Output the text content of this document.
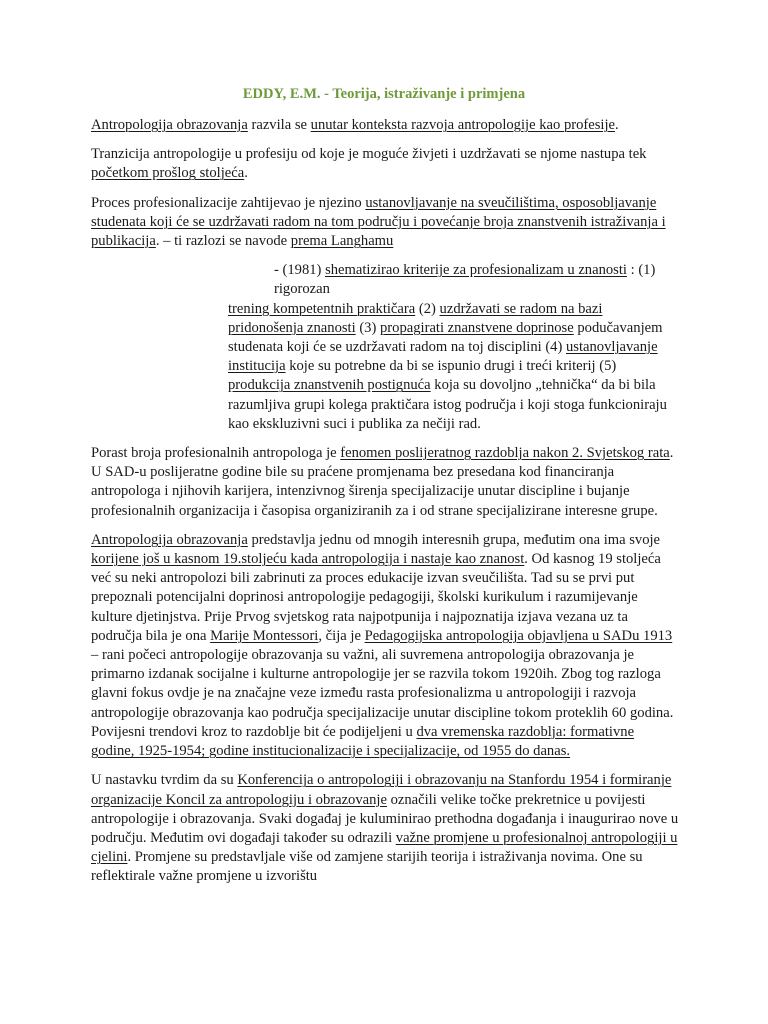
EDDY, E.M. - Teorija, istraživanje i primjena

Antropologija obrazovanja razvila se unutar konteksta razvoja antropologije kao profesije.

Tranzicija antropologije u profesiju od koje je moguće živjeti i uzdržavati se njome nastupa tek početkom prošlog stoljeća.

Proces profesionalizacije zahtijevao je njezino ustanovljavanje na sveučilištima, osposobljavanje studenata koji će se uzdržavati radom na tom području i povećanje broja znanstvenih istraživanja i publikacija. – ti razlozi se navode prema Langhamu

- (1981) shematizirao kriterije za profesionalizam u znanosti : (1) rigorozan
trening kompetentnih praktičara (2) uzdržavati se radom na bazi pridonošenja znanosti (3) propagirati znanstvene doprinose podučavanjem studenata koji će se uzdržavati radom na toj disciplini (4) ustanovljavanje institucija koje su potrebne da bi se ispunio drugi i treći kriterij (5) produkcija znanstvenih postignuća koja su dovoljno „tehnička“ da bi bila razumljiva grupi kolega praktičara istog područja i koji stoga funkcioniraju kao ekskluzivni suci i publika za nečiji rad.

Porast broja profesionalnih antropologa je fenomen poslijeratnog razdoblja nakon 2. Svjetskog rata. U SAD-u poslijeratne godine bile su praćene promjenama bez presedana kod financiranja antropologa i njihovih karijera, intenzivnog širenja specijalizacije unutar discipline i bujanje profesionalnih organizacija i časopisa organiziranih za i od strane specijalizirane interesne grupe.

Antropologija obrazovanja predstavlja jednu od mnogih interesnih grupa, međutim ona ima svoje korijene još u kasnom 19.stoljeću kada antropologija i nastaje kao znanost. Od kasnog 19 stoljeća već su neki antropolozi bili zabrinuti za proces edukacije izvan sveučilišta. Tad su se prvi put prepoznali potencijalni doprinosi antropologije pedagogiji, školski kurikulum i razumijevanje kulture djetinjstva. Prije Prvog svjetskog rata najpotpunija i najpoznatija izjava vezana uz ta područja bila je ona Marije Montessori, čija je Pedagogijska antropologija objavljena u SADu 1913 – rani počeci antropologije obrazovanja su važni, ali suvremena antropologija obrazovanja je primarno izdanak socijalne i kulturne antropologije jer se razvila tokom 1920ih. Zbog tog razloga glavni fokus ovdje je na značajne veze između rasta profesionalizma u antropologiji i razvoja antropologije obrazovanja kao područja specijalizacije unutar discipline tokom proteklih 60 godina. Povijesni trendovi kroz to razdoblje bit će podijeljeni u dva vremenska razdoblja: formativne godine, 1925-1954; godine institucionalizacije i specijalizacije, od 1955 do danas.

U nastavku tvrdim da su Konferencija o antropologiji i obrazovanju na Stanfordu 1954 i formiranje organizacije Koncil za antropologiju i obrazovanje označili velike točke prekretnice u povijesti antropologije i obrazovanja. Svaki događaj je kuluminirao prethodna događanja i inaugurirao nove u području. Međutim ovi događaji također su odrazili važne promjene u profesionalnoj antropologiji u cjelini. Promjene su predstavljale više od zamjene starijih teorija i istraživanja novima. One su reflektirale važne promjene u izvorištu
